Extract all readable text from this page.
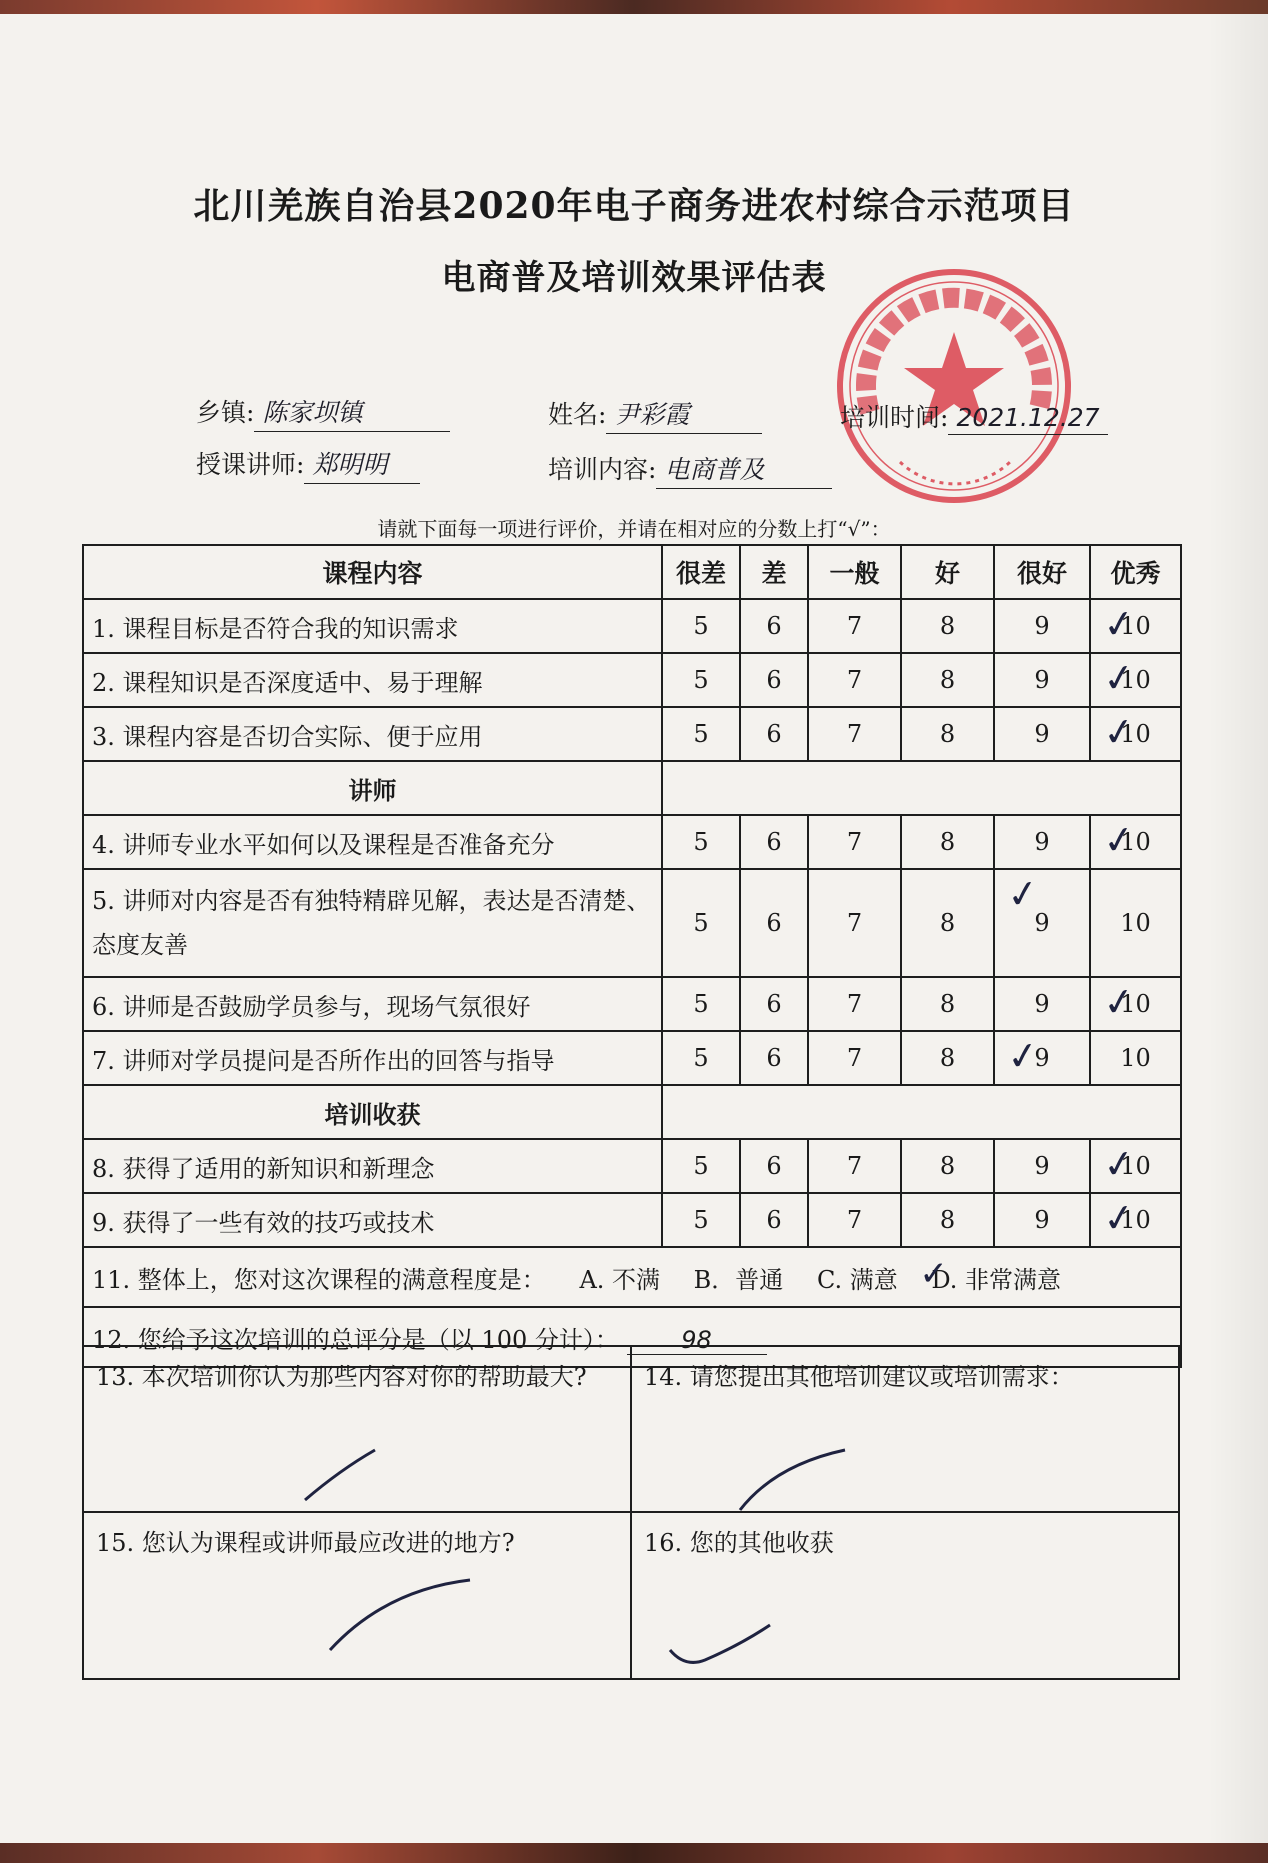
北川羌族自治县2020年电子商务进农村综合示范项目
电商普及培训效果评估表
乡镇: 陈家坝镇	姓名: 尹彩霞	培训时间: 2021.12.27
授课讲师: 郑明明	培训内容: 电商普及
请就下面每一项进行评价，并请在相对应的分数上打“√”：
课程内容	很差	差	一般	好	很好	优秀
1. 课程目标是否符合我的知识需求	5	6	7	8	9	10 ✓
2. 课程知识是否深度适中、易于理解	5	6	7	8	9	10 ✓
3. 课程内容是否切合实际、便于应用	5	6	7	8	9	10 ✓
讲师						
4. 讲师专业水平如何以及课程是否准备充分	5	6	7	8	9	10 ✓
5. 讲师对内容是否有独特精辟见解，表达是否清楚、态度友善	5	6	7	8	9 ✓	10
6. 讲师是否鼓励学员参与，现场气氛很好	5	6	7	8	9	10 ✓
7. 讲师对学员提问是否所作出的回答与指导	5	6	7	8	9 ✓	10
培训收获						
8. 获得了适用的新知识和新理念	5	6	7	8	9	10 ✓
9. 获得了一些有效的技巧或技术	5	6	7	8	9	10 ✓
11. 整体上，您对这次课程的满意程度是： A. 不满 B．普通 C. 满意 D. 非常满意 ✓
12. 您给予这次培训的总评分是（以 100 分计）： 98						
13. 本次培训你认为那些内容对你的帮助最大?	14. 请您提出其他培训建议或培训需求：
15. 您认为课程或讲师最应改进的地方?	16. 您的其他收获
